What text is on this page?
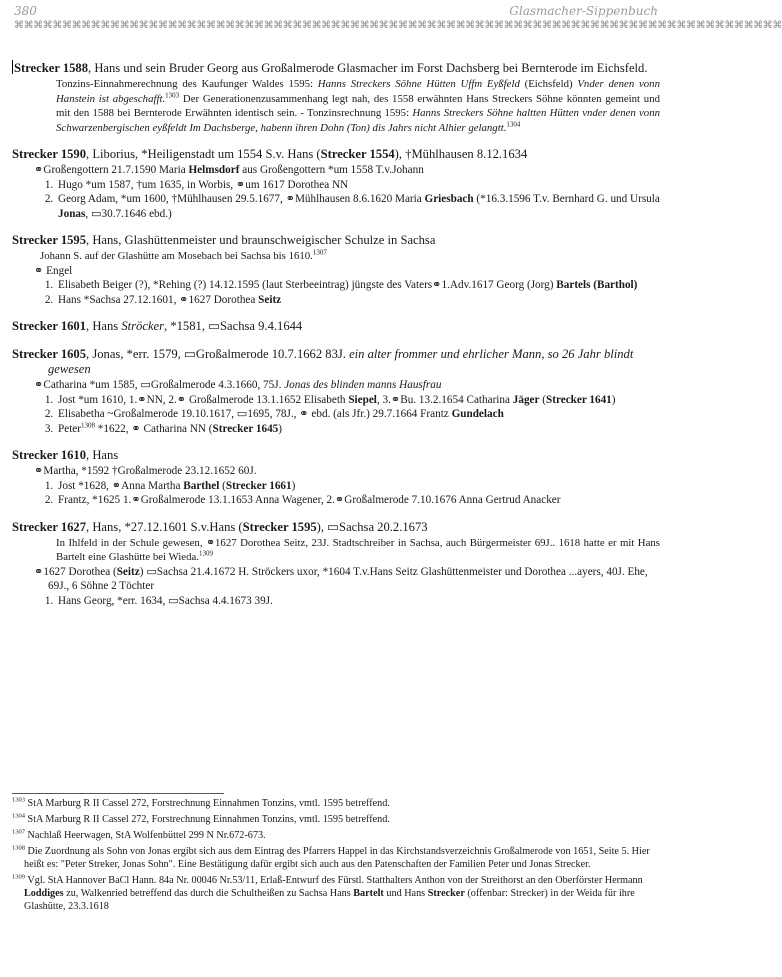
380	Glasmacher-Sippenbuch
⌘⌘⌘⌘⌘⌘⌘⌘⌘⌘⌘⌘⌘⌘⌘⌘⌘⌘⌘⌘⌘⌘⌘⌘⌘⌘⌘⌘⌘⌘⌘⌘⌘⌘⌘⌘⌘⌘⌘⌘⌘⌘⌘⌘⌘⌘⌘⌘⌘⌘⌘⌘⌘⌘⌘⌘⌘⌘⌘⌘⌘⌘⌘⌘⌘⌘⌘⌘⌘⌘⌘⌘⌘⌘⌘⌘⌘⌘⌘⌘
Strecker 1588, Hans und sein Bruder Georg aus Großalmerode Glasmacher im Forst Dachsberg bei Bernterode im Eichsfeld.
Tonzins-Einnahmerechnung des Kaufunger Waldes 1595: Hanns Streckers Söhne Hütten Uffm Eyßfeld (Eichsfeld) Vnder denen vonn Hanstein ist abgeschafft.$^{1303}$ Der Generationenzusammenhang legt nah, des 1558 erwähnten Hans Streckers Söhne könnten gemeint und mit den 1588 bei Bernterode Erwähnten identisch sein. - Tonzinsrechnung 1595: Hanns Streckers Söhne haltten Hütten vnder denen vonn Schwarzenbergischen eyßfeldt Im Dachsberge, habenn ihren Dohn (Ton) dis Jahrs nicht Alhier gelangtt.$^{1304}$
Strecker 1590, Liborius, *Heiligenstadt um 1554 S.v. Hans (Strecker 1554), †Mühlhausen 8.12.1634
⚭Großengottern 21.7.1590 Maria Helmsdorf aus Großengottern *um 1558 T.v.Johann
1. Hugo *um 1587, †um 1635, in Worbis, ⚭um 1617 Dorothea NN
2. Georg Adam, *um 1600, †Mühlhausen 29.5.1677, ⚭Mühlhausen 8.6.1620 Maria Griesbach (*16.3.1596 T.v. Bernhard G. und Ursula Jonas, ▭30.7.1646 ebd.)
Strecker 1595, Hans, Glashüttenmeister und braunschweigischer Schulze in Sachsa
Johann S. auf der Glashütte am Mosebach bei Sachsa bis 1610.$^{1307}$
⚭ Engel
1. Elisabeth Beiger (?), *Rehing (?) 14.12.1595 (laut Sterbeeintrag) jüngste des Vaters⚭1.Adv.1617 Georg (Jorg) Bartels (Barthol)
2. Hans *Sachsa 27.12.1601, ⚭1627 Dorothea Seitz
Strecker 1601, Hans Ströcker, *1581, ▭Sachsa 9.4.1644
Strecker 1605, Jonas, *err. 1579, ▭Großalmerode 10.7.1662 83J. ein alter frommer und ehrlicher Mann, so 26 Jahr blindt gewesen
⚭Catharina *um 1585, ▭Großalmerode 4.3.1660, 75J. Jonas des blinden manns Hausfrau
1. Jost *um 1610, 1.⚭NN, 2.⚭ Großalmerode 13.1.1652 Elisabeth Siepel, 3.⚭Bu. 13.2.1654 Catharina Jäger (Strecker 1641)
2. Elisabetha ~Großalmerode 19.10.1617, ▭1695, 78J., ⚭ ebd. (als Jfr.) 29.7.1664 Frantz Gundelach
3. Peter$^{1308}$ *1622, ⚭ Catharina NN (Strecker 1645)
Strecker 1610, Hans
⚭Martha, *1592 †Großalmerode 23.12.1652 60J.
1. Jost *1628, ⚭Anna Martha Barthel (Strecker 1661)
2. Frantz, *1625 1.⚭Großalmerode 13.1.1653 Anna Wagener, 2.⚭Großalmerode 7.10.1676 Anna Gertrud Anacker
Strecker 1627, Hans, *27.12.1601 S.v.Hans (Strecker 1595), ▭Sachsa 20.2.1673
In Ihlfeld in der Schule gewesen, ⚭1627 Dorothea Seitz, 23J. Stadtschreiber in Sachsa, auch Bürgermeister 69J.. 1618 hatte er mit Hans Bartelt eine Glashütte bei Wieda.$^{1309}$
⚭1627 Dorothea (Seitz) ▭Sachsa 21.4.1672 H. Ströckers uxor, *1604 T.v.Hans Seitz Glashüttenmeister und Dorothea ...ayers, 40J. Ehe, 69J., 6 Söhne 2 Töchter
1. Hans Georg, *err. 1634, ▭Sachsa 4.4.1673 39J.
$^{1303}$ StA Marburg R II Cassel 272, Forstrechnung Einnahmen Tonzins, vmtl. 1595 betreffend.
$^{1304}$ StA Marburg R II Cassel 272, Forstrechnung Einnahmen Tonzins, vmtl. 1595 betreffend.
$^{1307}$ Nachlaß Heerwagen, StA Wolfenbüttel 299 N Nr.672-673.
$^{1308}$ Die Zuordnung als Sohn von Jonas ergibt sich aus dem Eintrag des Pfarrers Happel in das Kirchstandsverzeichnis Großalmerode von 1651, Seite 5. Hier heißt es: "Peter Streker, Jonas Sohn". Eine Bestätigung dafür ergibt sich auch aus den Patenschaften der Familien Peter und Jonas Strecker.
$^{1309}$ Vgl. StA Hannover BaCl Hann. 84a Nr. 00046 Nr.53/11, Erlaß-Entwurf des Fürstl. Statthalters Anthon von der Streithorst an den Oberförster Hermann Loddiges zu, Walkenried betreffend das durch die Schultheißen zu Sachsa Hans Bartelt und Hans Strecker (offenbar: Strecker) in der Weida für ihre Glashütte, 23.3.1618
